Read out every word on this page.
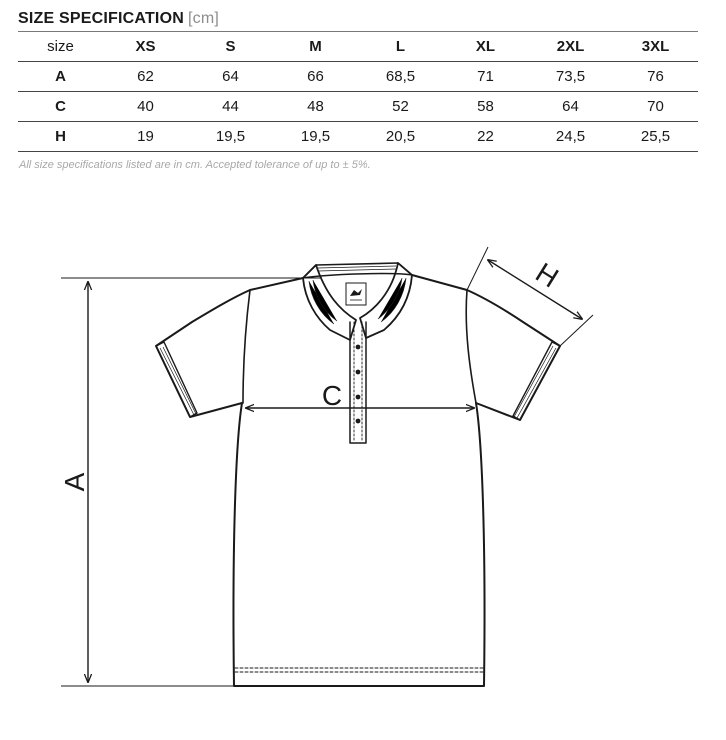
SIZE SPECIFICATION [cm]
size	XS	S	M	L	XL	2XL	3XL
A	62	64	66	68,5	71	73,5	76
C	40	44	48	52	58	64	70
H	19	19,5	19,5	20,5	22	24,5	25,5
All size specifications listed are in cm. Accepted tolerance of up to ± 5%.
A
C
H
